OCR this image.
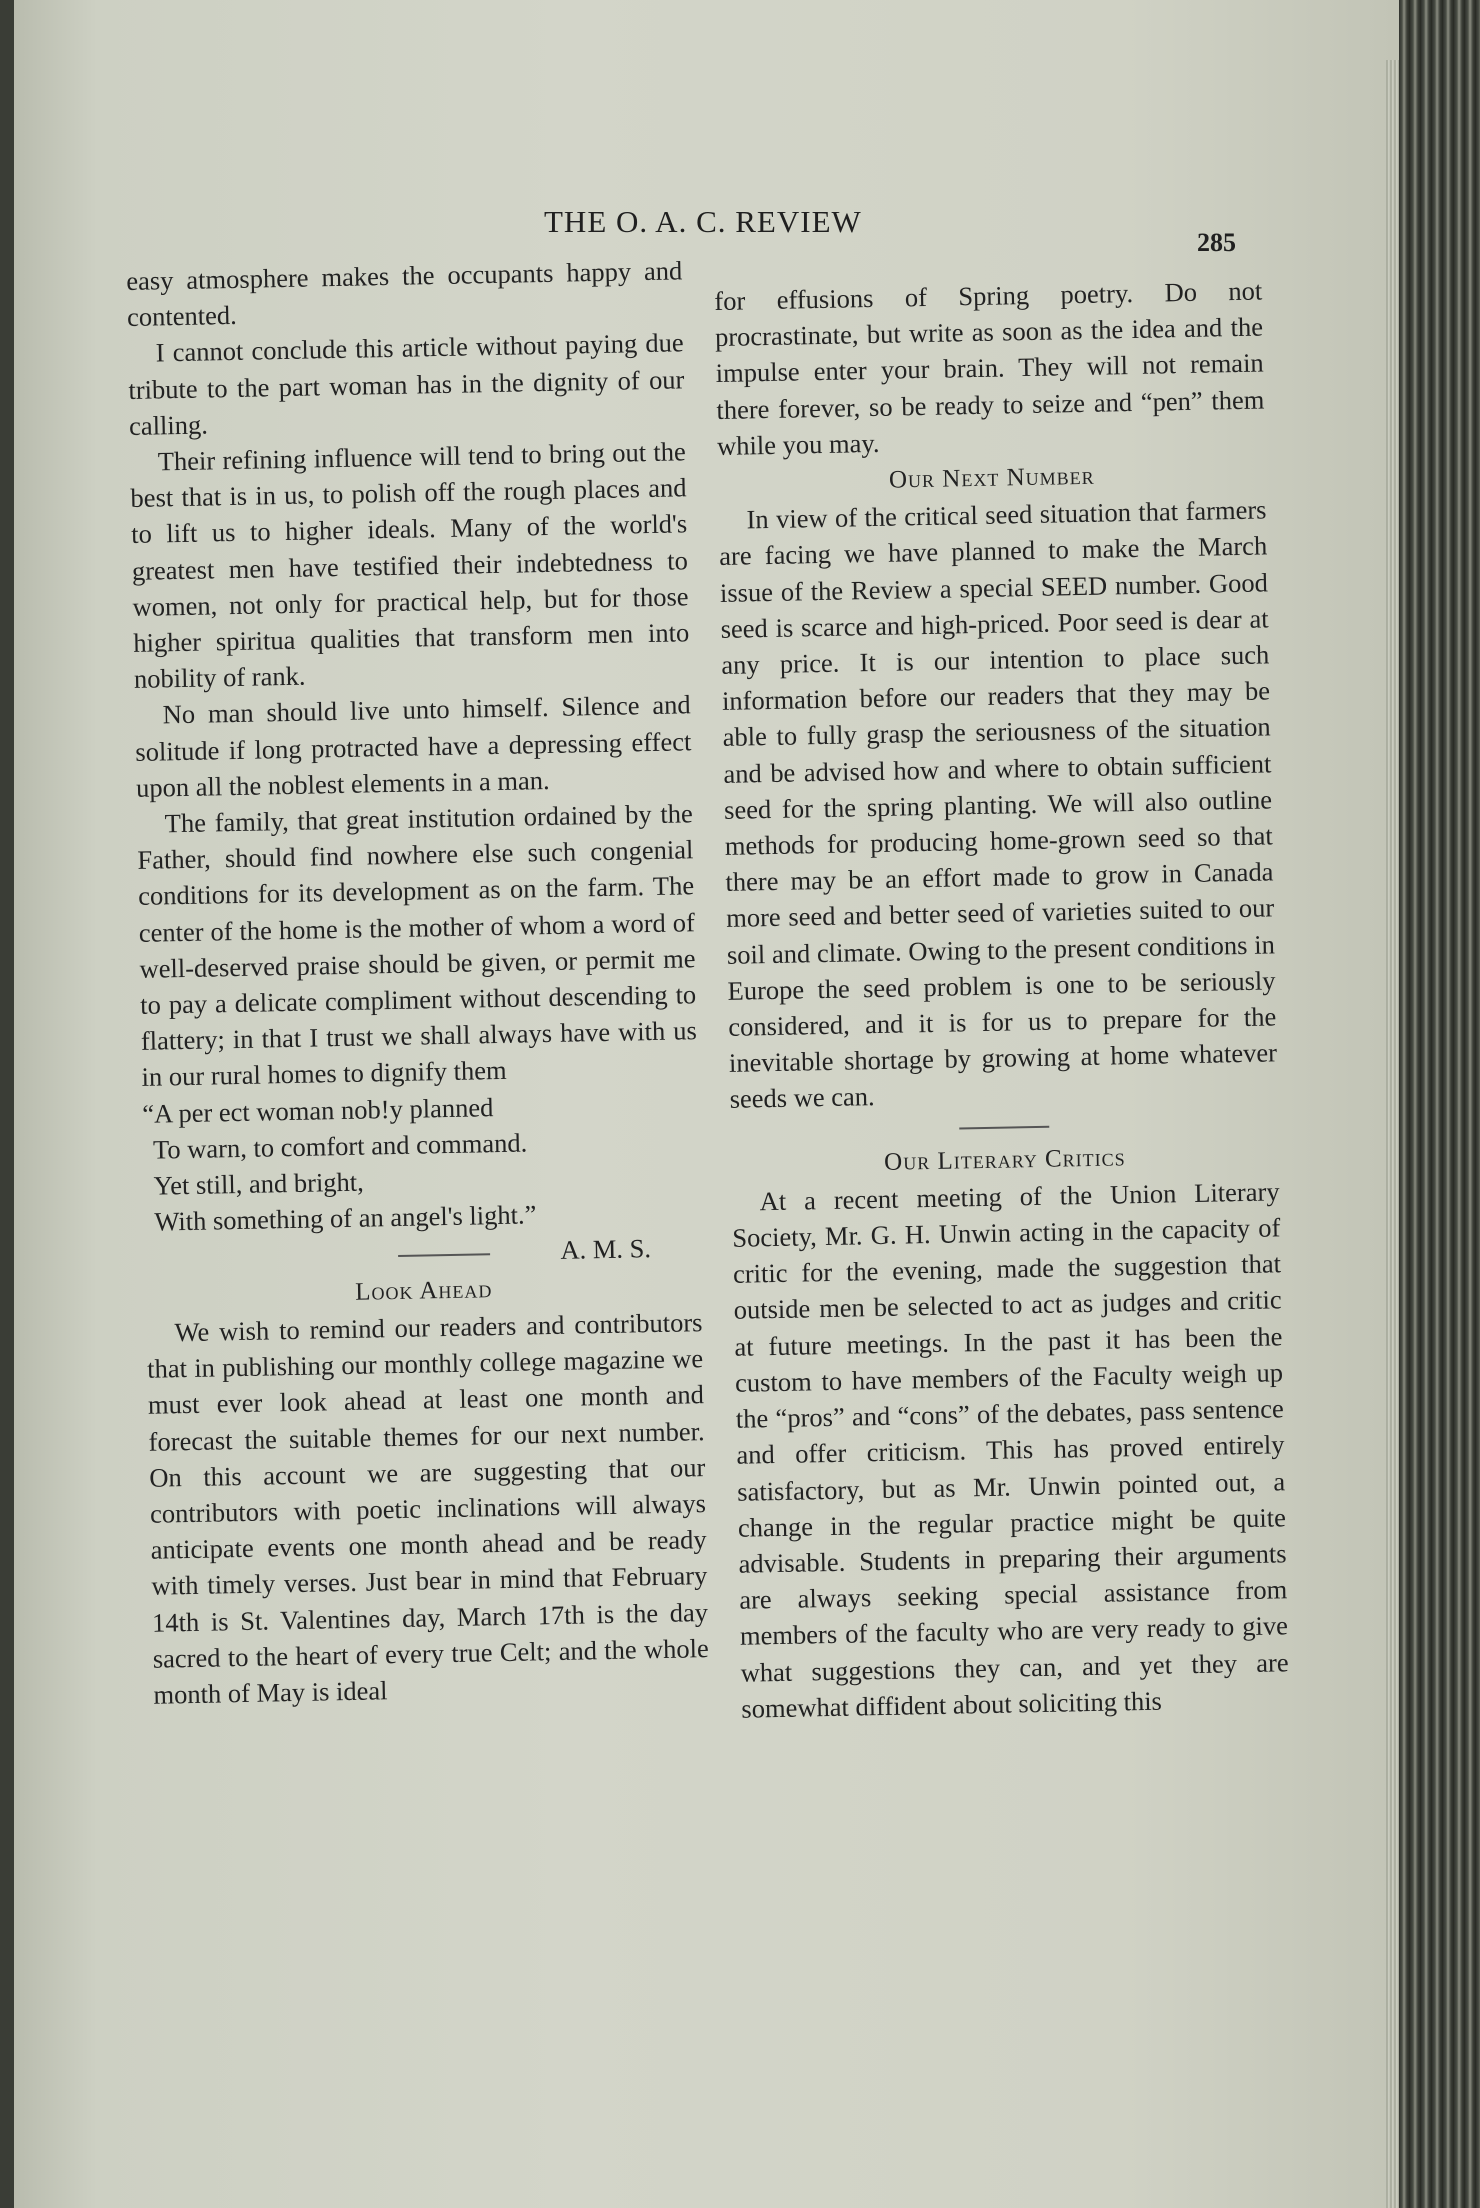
THE O. A. C. REVIEW
285

easy atmosphere makes the occupants happy and contented.

I cannot conclude this article without paying due tribute to the part woman has in the dignity of our calling.

Their refining influence will tend to bring out the best that is in us, to polish off the rough places and to lift us to higher ideals. Many of the world's greatest men have testified their indebtedness to women, not only for practical help, but for those higher spiritua qualities that transform men into nobility of rank.

No man should live unto himself. Silence and solitude if long protracted have a depressing effect upon all the noblest elements in a man.

The family, that great institution ordained by the Father, should find nowhere else such congenial conditions for its development as on the farm. The center of the home is the mother of whom a word of well-deserved praise should be given, or permit me to pay a delicate compliment without descending to flattery; in that I trust we shall always have with us in our rural homes to dignify them

“A per ect woman nob!y planned

To warn, to comfort and command.

Yet still, and bright,

With something of an angel's light.”

A. M. S.

Look Ahead

We wish to remind our readers and contributors that in publishing our monthly college magazine we must ever look ahead at least one month and forecast the suitable themes for our next number. On this account we are suggesting that our contributors with poetic inclinations will always anticipate events one month ahead and be ready with timely verses. Just bear in mind that February 14th is St. Valentines day, March 17th is the day sacred to the heart of every true Celt; and the whole month of May is ideal

for effusions of Spring poetry. Do not procrastinate, but write as soon as the idea and the impulse enter your brain. They will not remain there forever, so be ready to seize and “pen” them while you may.

Our Next Number

In view of the critical seed situation that farmers are facing we have planned to make the March issue of the Review a special SEED number. Good seed is scarce and high-priced. Poor seed is dear at any price. It is our intention to place such information before our readers that they may be able to fully grasp the seriousness of the situation and be advised how and where to obtain sufficient seed for the spring planting. We will also outline methods for producing home-grown seed so that there may be an effort made to grow in Canada more seed and better seed of varieties suited to our soil and climate. Owing to the present conditions in Europe the seed problem is one to be seriously considered, and it is for us to prepare for the inevitable shortage by growing at home whatever seeds we can.

Our Literary Critics

At a recent meeting of the Union Literary Society, Mr. G. H. Unwin acting in the capacity of critic for the evening, made the suggestion that outside men be selected to act as judges and critic at future meetings. In the past it has been the custom to have members of the Faculty weigh up the “pros” and “cons” of the debates, pass sentence and offer criticism. This has proved entirely satisfactory, but as Mr. Unwin pointed out, a change in the regular practice might be quite advisable. Students in preparing their arguments are always seeking special assistance from members of the faculty who are very ready to give what suggestions they can, and yet they are somewhat diffident about soliciting this
